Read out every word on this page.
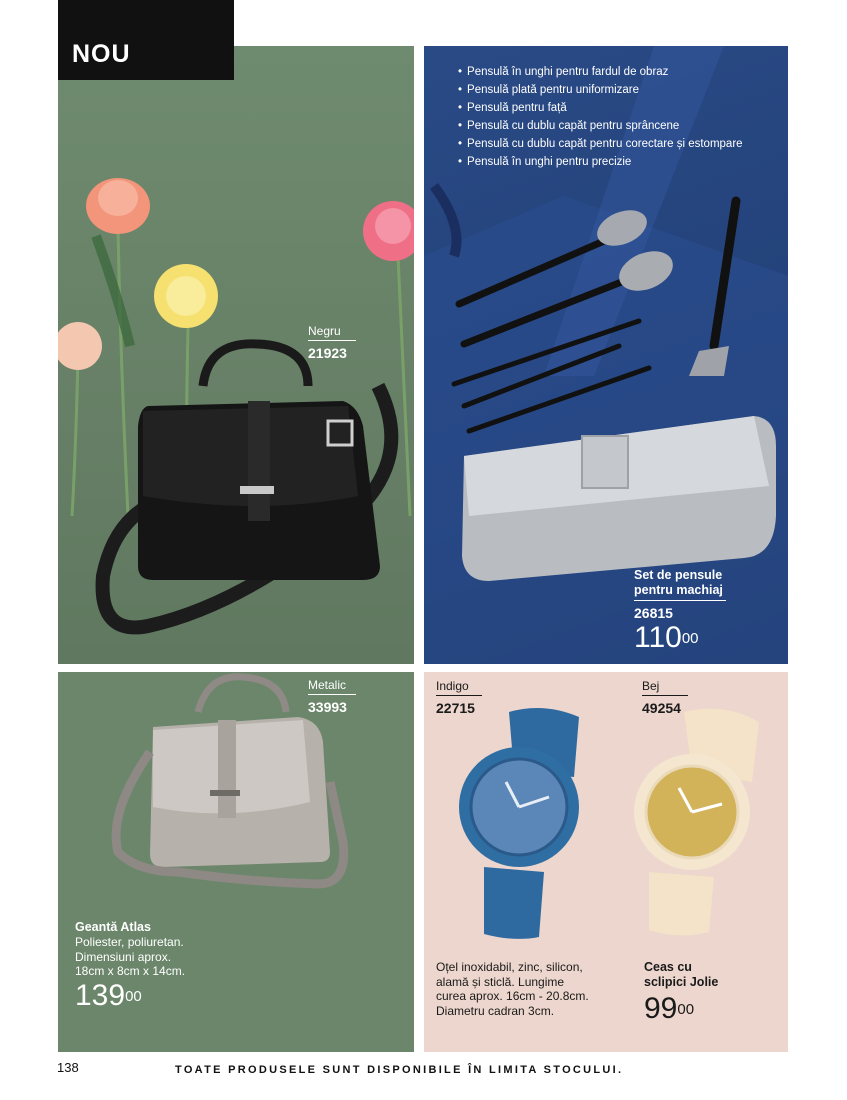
Negru
21923
• Pensulă în unghi pentru fardul de obraz
• Pensulă plată pentru uniformizare
• Pensulă pentru față
• Pensulă cu dublu capăt pentru sprâncene
• Pensulă cu dublu capăt pentru corectare și estompare
• Pensulă în unghi pentru precizie
Set de pensule
pentru machiaj
26815
$110^{00}$
Metalic
33993
Geantă Atlas
Poliester, poliuretan.
Dimensiuni aprox.
18cm x 8cm x 14cm.
$139^{00}$
Indigo
22715
Bej
49254
Oțel inoxidabil, zinc, silicon,
alamă și sticlă. Lungime
curea aprox. 16cm - 20.8cm.
Diametru cadran 3cm.
Ceas cu
sclipici Jolie
$99^{00}$
NOU
138	TOATE PRODUSELE SUNT DISPONIBILE ÎN LIMITA STOCULUI.
